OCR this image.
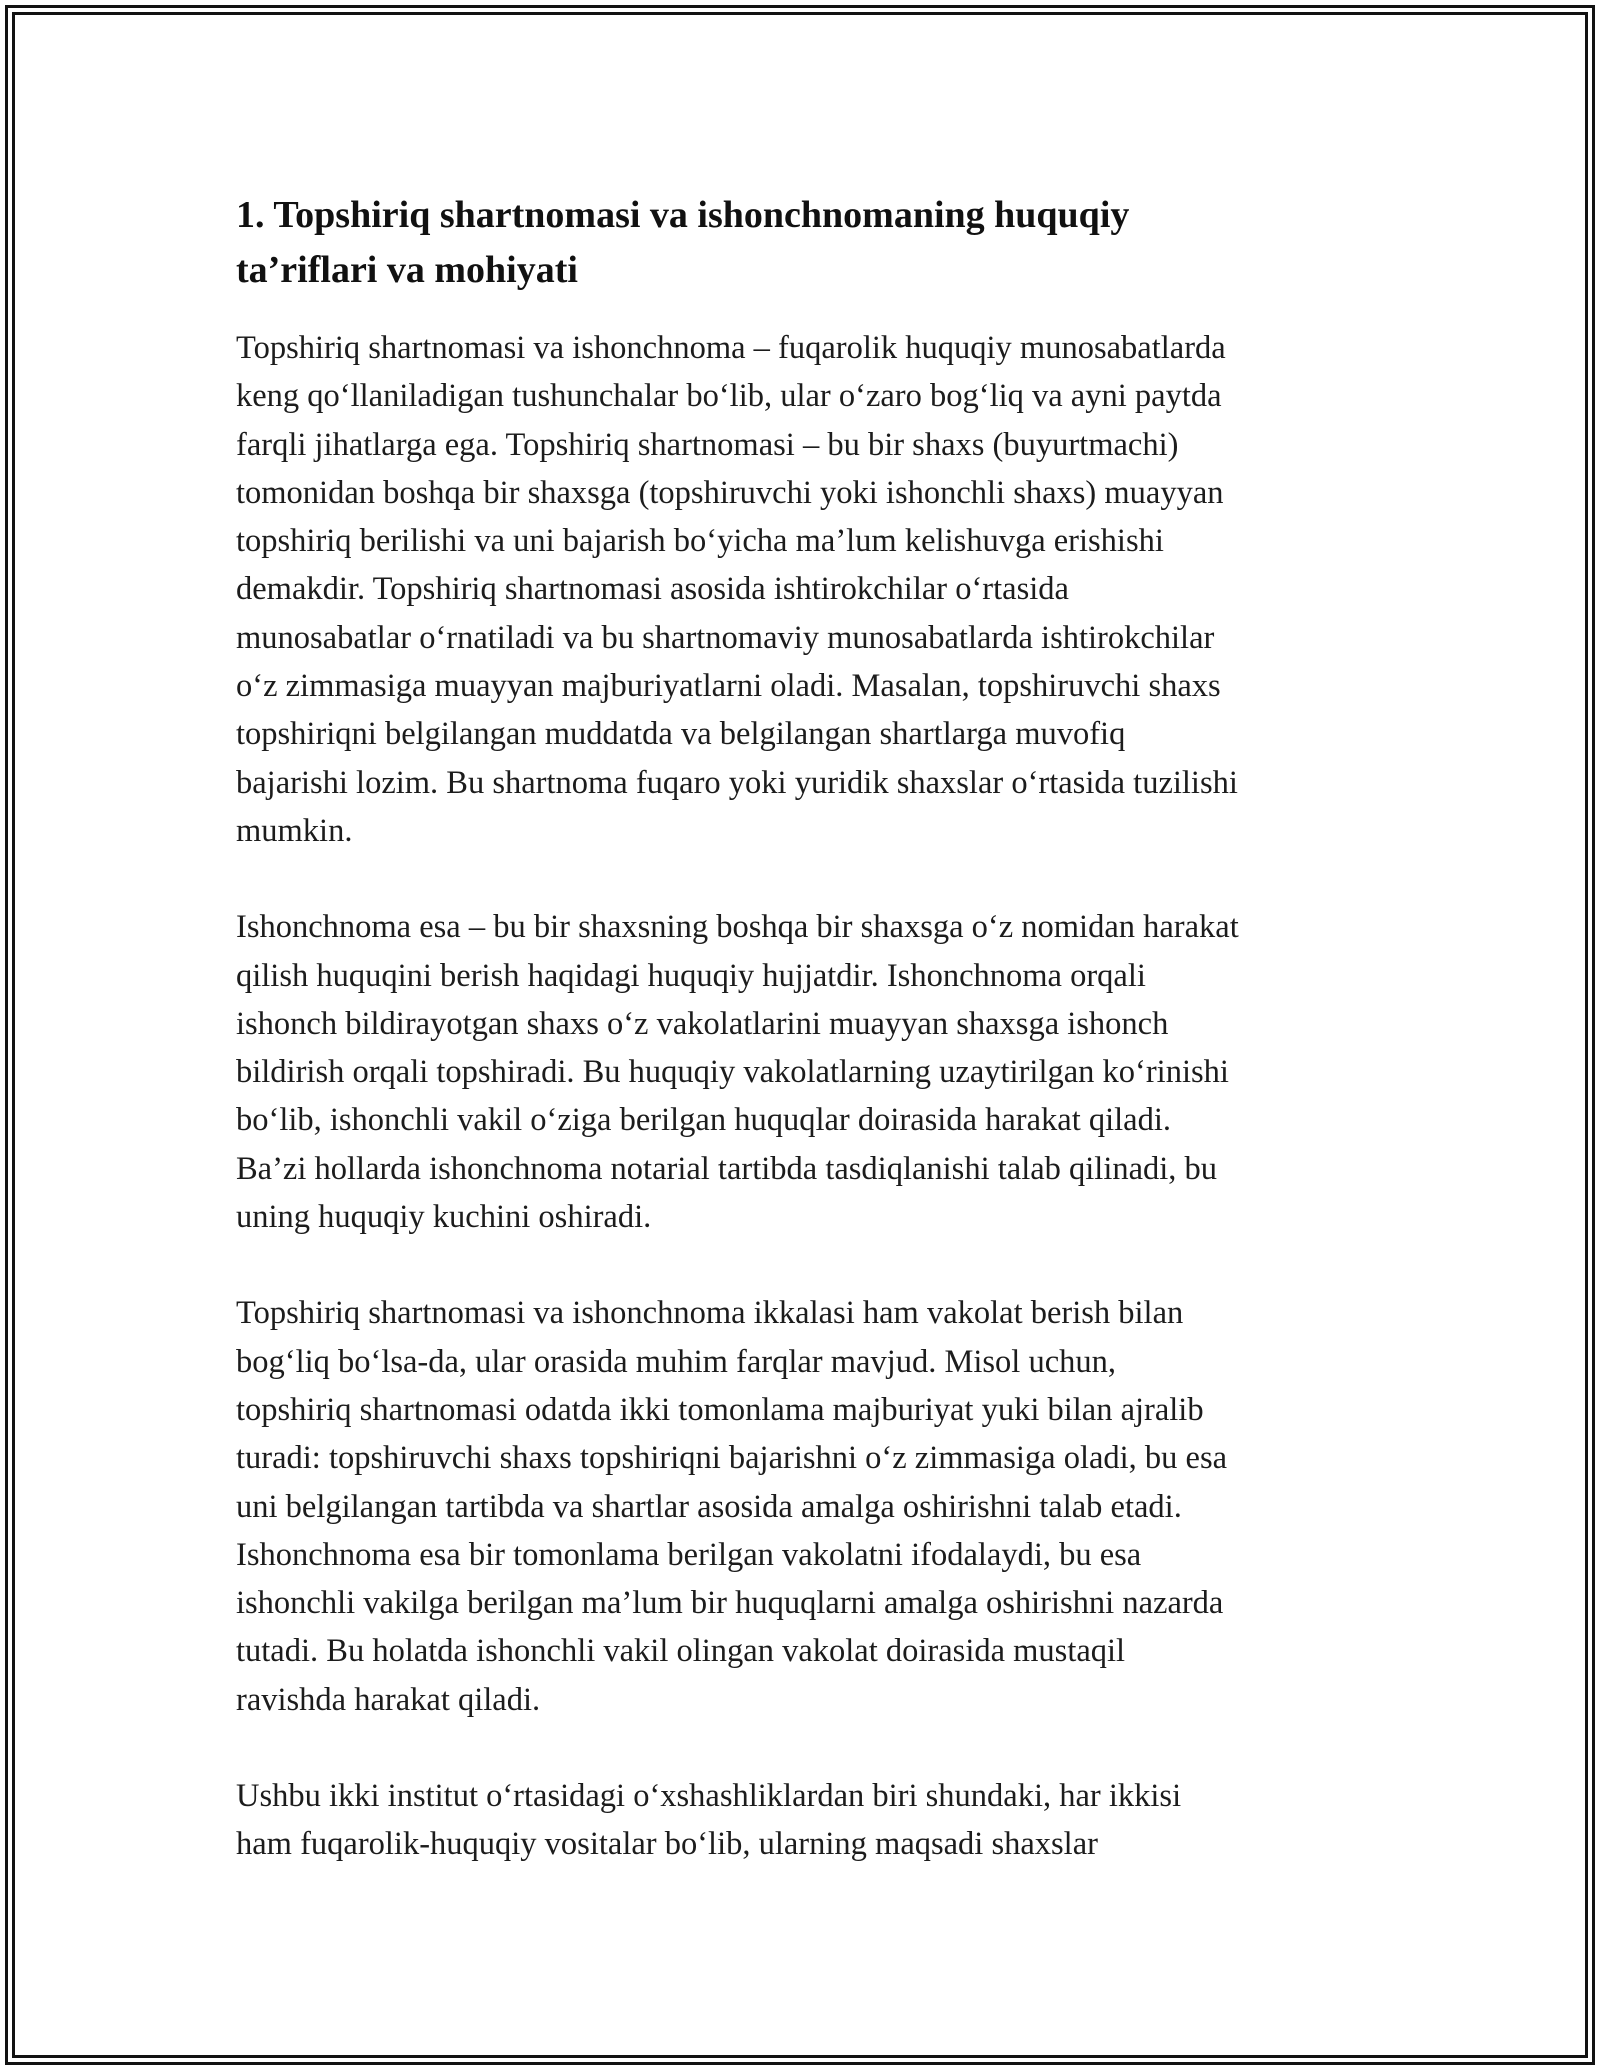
1. Topshiriq shartnomasi va ishonchnomaning huquqiy ta’riflari va mohiyati
Topshiriq shartnomasi va ishonchnoma – fuqarolik huquqiy munosabatlarda
keng qo‘llaniladigan tushunchalar bo‘lib, ular o‘zaro bog‘liq va ayni paytda
farqli jihatlarga ega. Topshiriq shartnomasi – bu bir shaxs (buyurtmachi)
tomonidan boshqa bir shaxsga (topshiruvchi yoki ishonchli shaxs) muayyan
topshiriq berilishi va uni bajarish bo‘yicha ma’lum kelishuvga erishishi
demakdir. Topshiriq shartnomasi asosida ishtirokchilar o‘rtasida
munosabatlar o‘rnatiladi va bu shartnomaviy munosabatlarda ishtirokchilar
o‘z zimmasiga muayyan majburiyatlarni oladi. Masalan, topshiruvchi shaxs
topshiriqni belgilangan muddatda va belgilangan shartlarga muvofiq
bajarishi lozim. Bu shartnoma fuqaro yoki yuridik shaxslar o‘rtasida tuzilishi
mumkin.
Ishonchnoma esa – bu bir shaxsning boshqa bir shaxsga o‘z nomidan harakat
qilish huquqini berish haqidagi huquqiy hujjatdir. Ishonchnoma orqali
ishonch bildirayotgan shaxs o‘z vakolatlarini muayyan shaxsga ishonch
bildirish orqali topshiradi. Bu huquqiy vakolatlarning uzaytirilgan ko‘rinishi
bo‘lib, ishonchli vakil o‘ziga berilgan huquqlar doirasida harakat qiladi.
Ba’zi hollarda ishonchnoma notarial tartibda tasdiqlanishi talab qilinadi, bu
uning huquqiy kuchini oshiradi.
Topshiriq shartnomasi va ishonchnoma ikkalasi ham vakolat berish bilan
bog‘liq bo‘lsa-da, ular orasida muhim farqlar mavjud. Misol uchun,
topshiriq shartnomasi odatda ikki tomonlama majburiyat yuki bilan ajralib
turadi: topshiruvchi shaxs topshiriqni bajarishni o‘z zimmasiga oladi, bu esa
uni belgilangan tartibda va shartlar asosida amalga oshirishni talab etadi.
Ishonchnoma esa bir tomonlama berilgan vakolatni ifodalaydi, bu esa
ishonchli vakilga berilgan ma’lum bir huquqlarni amalga oshirishni nazarda
tutadi. Bu holatda ishonchli vakil olingan vakolat doirasida mustaqil
ravishda harakat qiladi.
Ushbu ikki institut o‘rtasidagi o‘xshashliklardan biri shundaki, har ikkisi
ham fuqarolik-huquqiy vositalar bo‘lib, ularning maqsadi shaxslar
